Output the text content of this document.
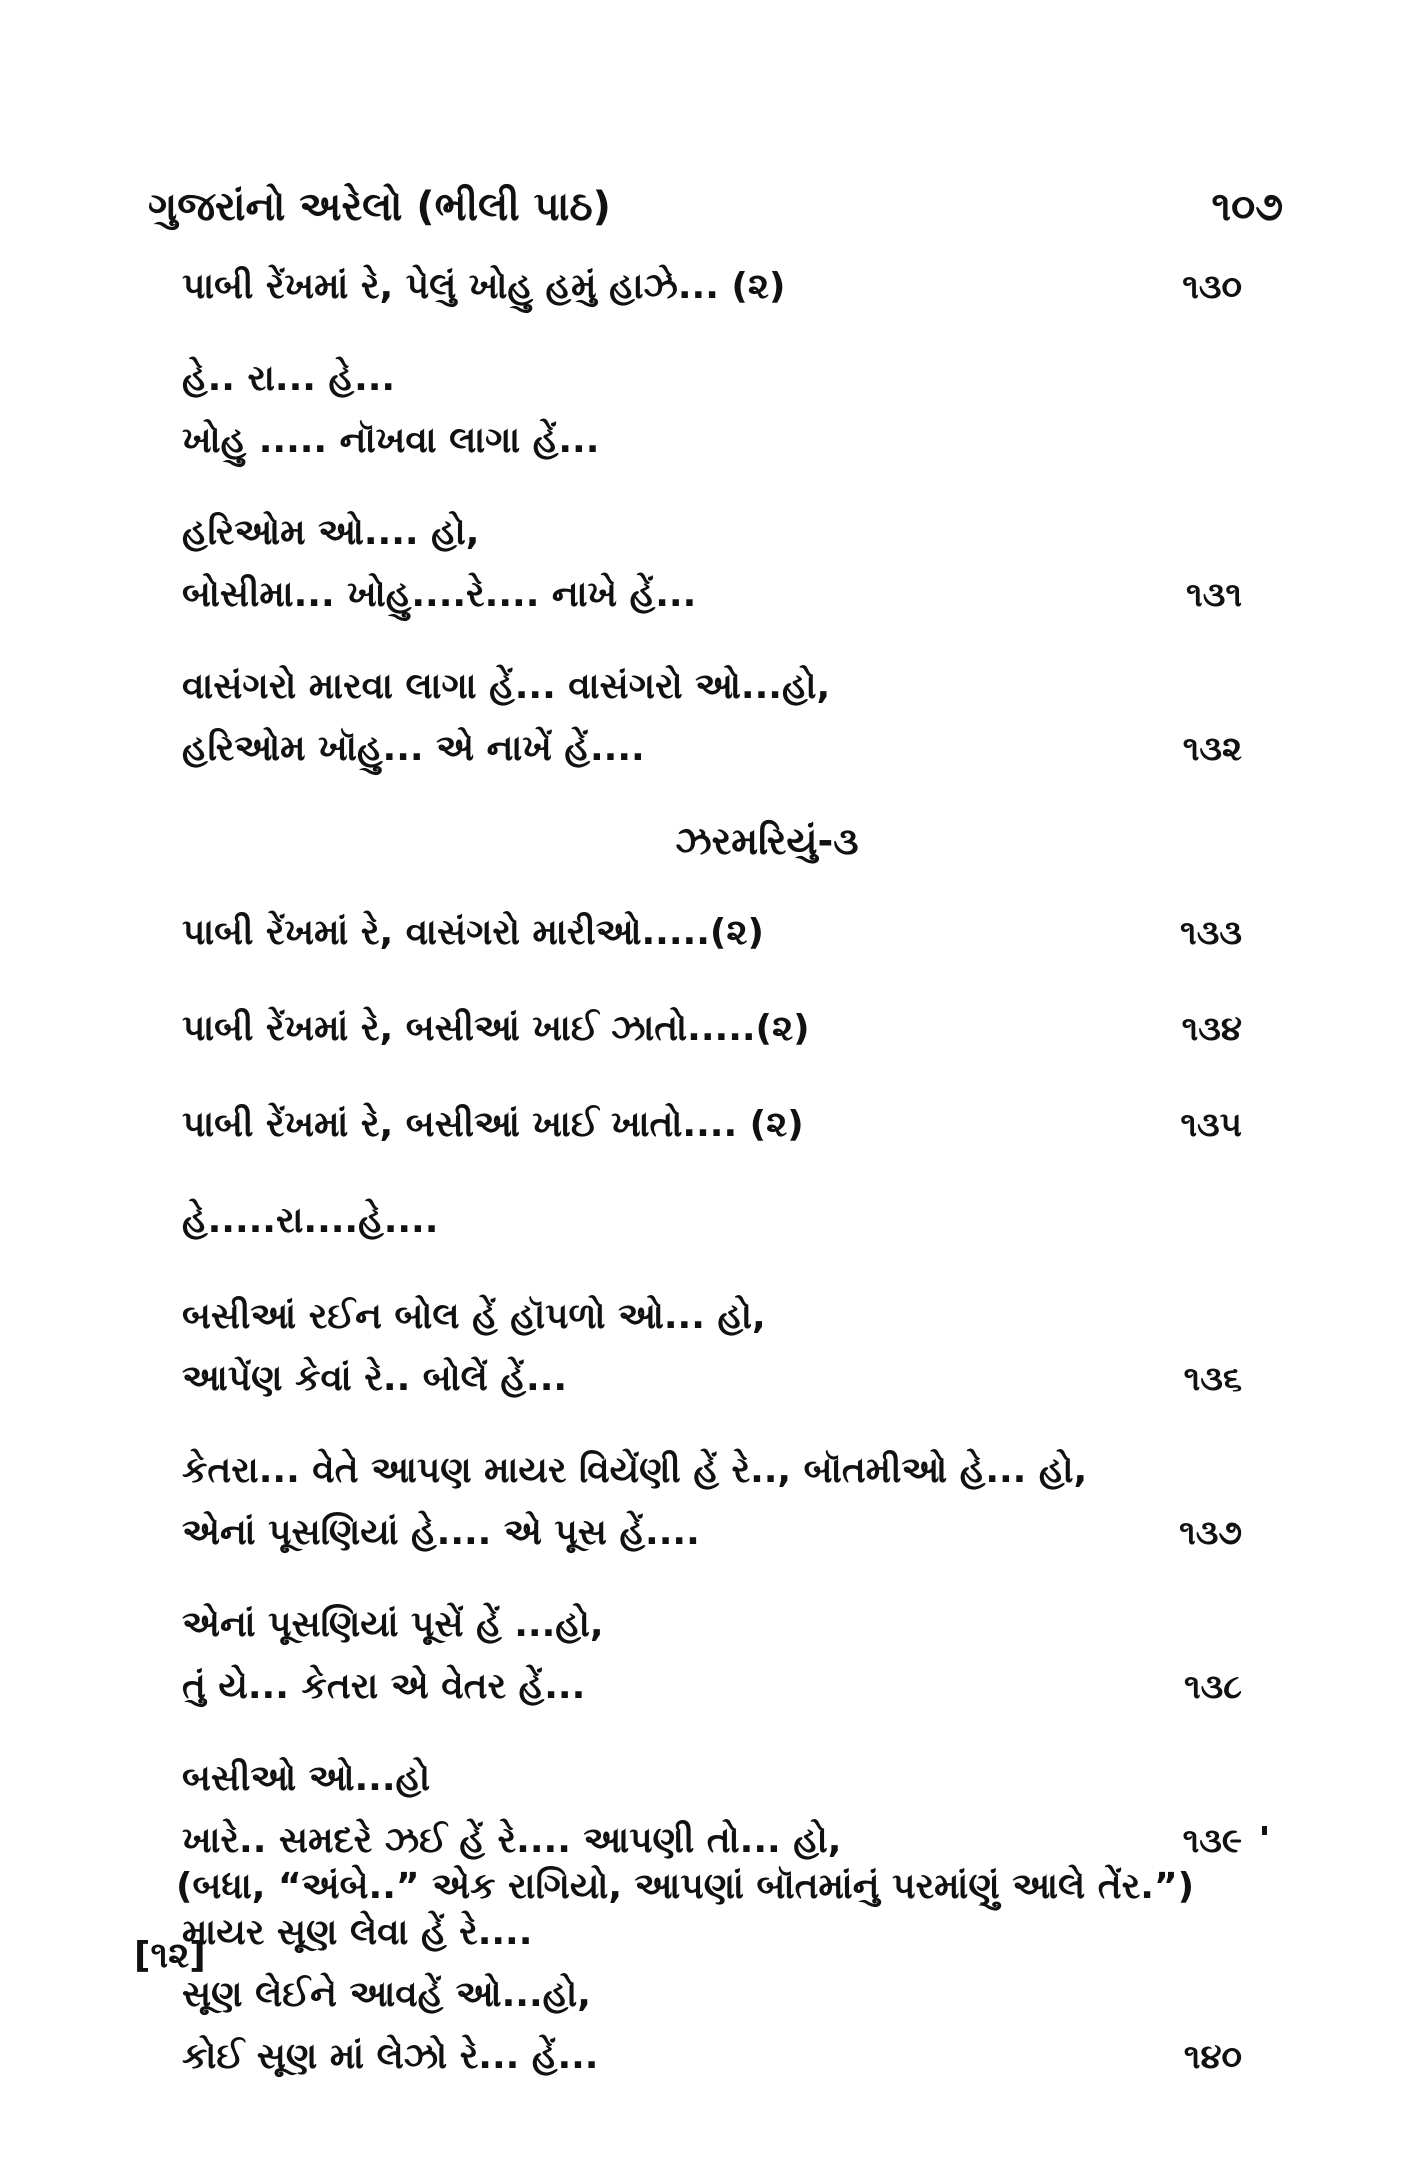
ગુજરાંનો અરેલો (ભીલી પાઠ)	૧૦૭
પાબી રેંખમાં રે, પેલું ખોહુ હમું હાઝે... (૨)	૧૩૦
હે.. રા... હે...
ખોહુ ..... નૉખવા લાગા હેં...
હરિઓમ ઓ.... હો,
બોસીમા... ખોહુ....રે.... નાખે હેં...	૧૩૧
વાસંગરો મારવા લાગા હેં... વાસંગરો ઓ...હો,
હરિઓમ ખૉહુ... એ નાખેં હેં....	૧૩૨
ઝરમરિયું-૩
પાબી રેંખમાં રે, વાસંગરો મારીઓ.....(૨)	૧૩૩
પાબી રેંખમાં રે, બસીઆં ખાઈ ઝાતો.....(૨)	૧૩૪
પાબી રેંખમાં રે, બસીઆં ખાઈ ખાતો.... (૨)	૧૩૫
હે.....રા....હે....
બસીઆં રઈન બોલ હેં હૉપળો ઓ... હો,
આપેંણ કેવાં રે.. બોલેં હેં...	૧૩૬
કેતરા... વેતે આપણ માયર વિયેંણી હેં રે.., બૉતમીઓ હે... હો,
એનાં પૂસણિયાં હે.... એ પૂસ હેં....	૧૩૭
એનાં પૂસણિયાં પૂસેં હેં ...હો,
તું યે... કેતરા એ વેતર હેં...	૧૩૮
બસીઓ ઓ...હો
ખારે.. સમદરે ઝઈ હેં રે.... આપણી તો... હો,	૧૩૯
માયર સૂણ લેવા હેં રે....
સૂણ લેઈને આવહેં ઓ...હો,
કોઈ સૂણ માં લેઝો રે... હેં...	૧૪૦
(બધા, “અંબે..” એક રાગિયો, આપણાં બૉતમાંનું પરમાંણું આલે તેંર.”)
[૧૨]
